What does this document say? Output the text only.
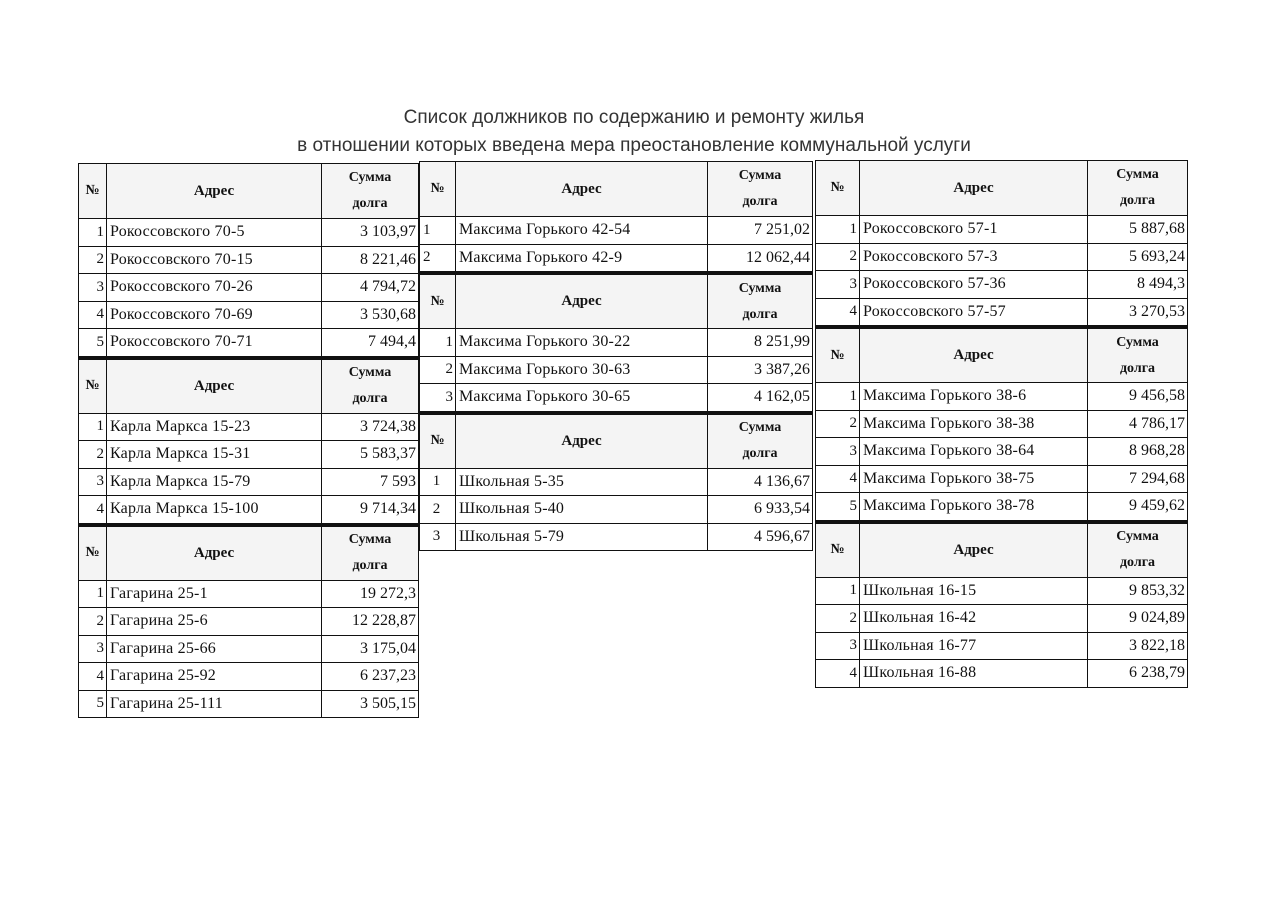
Список должников по содержанию и ремонту жилья
в отношении которых введена мера преостановление коммунальной услуги
№	Адрес	Сумма
долга

1	Рокоссовского 70-5	3 103,97
2	Рокоссовского 70-15	8 221,46
3	Рокоссовского 70-26	4 794,72
4	Рокоссовского 70-69	3 530,68
5	Рокоссовского 70-71	7 494,4
№	Адрес	Сумма
долга

1	Карла Маркса 15-23	3 724,38
2	Карла Маркса 15-31	5 583,37
3	Карла Маркса 15-79	7 593
4	Карла Маркса 15-100	9 714,34
№	Адрес	Сумма
долга

1	Гагарина 25-1	19 272,3
2	Гагарина 25-6	12 228,87
3	Гагарина 25-66	3 175,04
4	Гагарина 25-92	6 237,23
5	Гагарина 25-111	3 505,15
№	Адрес	Сумма
долга

1	Максима Горького 42-54	7 251,02
2	Максима Горького 42-9	12 062,44
№	Адрес	Сумма
долга

1	Максима Горького 30-22	8 251,99
2	Максима Горького 30-63	3 387,26
3	Максима Горького 30-65	4 162,05
№	Адрес	Сумма
долга

1	Школьная 5-35	4 136,67
2	Школьная 5-40	6 933,54
3	Школьная 5-79	4 596,67
№	Адрес	Сумма
долга

1	Рокоссовского 57-1	5 887,68
2	Рокоссовского 57-3	5 693,24
3	Рокоссовского 57-36	8 494,3
4	Рокоссовского 57-57	3 270,53
№	Адрес	Сумма
долга

1	Максима Горького 38-6	9 456,58
2	Максима Горького 38-38	4 786,17
3	Максима Горького 38-64	8 968,28
4	Максима Горького 38-75	7 294,68
5	Максима Горького 38-78	9 459,62
№	Адрес	Сумма
долга

1	Школьная 16-15	9 853,32
2	Школьная 16-42	9 024,89
3	Школьная 16-77	3 822,18
4	Школьная 16-88	6 238,79
